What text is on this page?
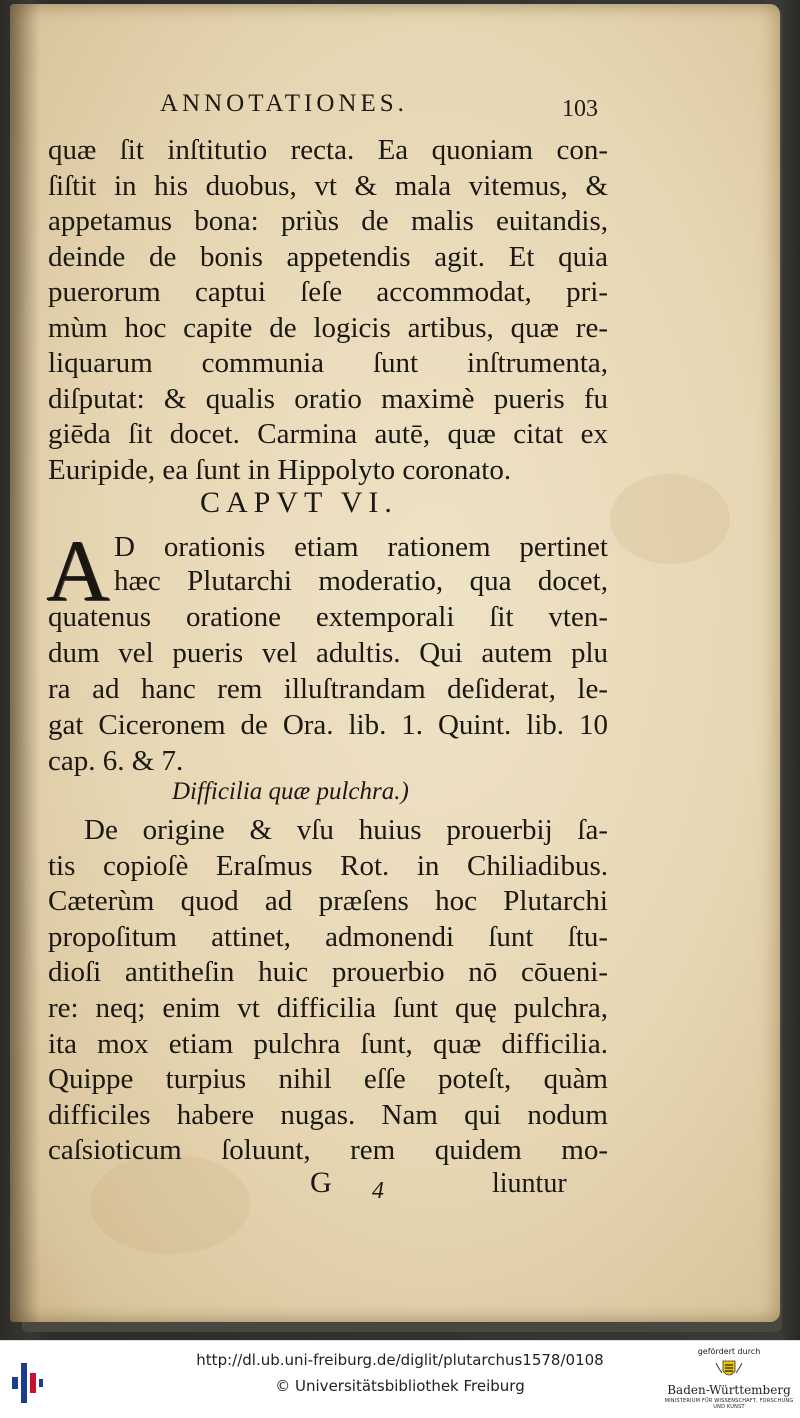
ANNOTATIONES.	103
quæ ſit inſtitutio recta. Ea quoniam con-
ſiſtit in his duobus, vt & mala vitemus, &
appetamus bona: priùs de malis euitandis,
deinde de bonis appetendis agit. Et quia
puerorum captui ſeſe accommodat, pri-
mùm hoc capite de logicis artibus, quæ re-
liquarum communia ſunt inſtrumenta,
diſputat: & qualis oratio maximè pueris fu
giēda ſit docet. Carmina autē, quæ citat ex
Euripide, ea ſunt in Hippolyto coronato.
CAPVT VI.
A D orationis etiam rationem pertinet
hæc Plutarchi moderatio, qua docet,
quatenus oratione extemporali ſit vten-
dum vel pueris vel adultis. Qui autem plu
ra ad hanc rem illuſtrandam deſiderat, le-
gat Ciceronem de Ora. lib. 1. Quint. lib. 10
cap. 6. & 7.
Difficilia quæ pulchra.)
De origine & vſu huius prouerbij ſa-
tis copioſè Eraſmus Rot. in Chiliadibus.
Cæterùm quod ad præſens hoc Plutarchi
propoſitum attinet, admonendi ſunt ſtu-
dioſi antitheſin huic prouerbio nō cōueni-
re: neq; enim vt difficilia ſunt quę pulchra,
ita mox etiam pulchra ſunt, quæ difficilia.
Quippe turpius nihil eſſe poteſt, quàm
difficiles habere nugas. Nam qui nodum
caſsioticum ſoluunt, rem quidem mo-
G 4	liuntur
http://dl.ub.uni-freiburg.de/diglit/plutarchus1578/0108
© Universitätsbibliothek Freiburg
gefördert durch
Baden-Württemberg
MINISTERIUM FÜR WISSENSCHAFT, FORSCHUNG UND KUNST
